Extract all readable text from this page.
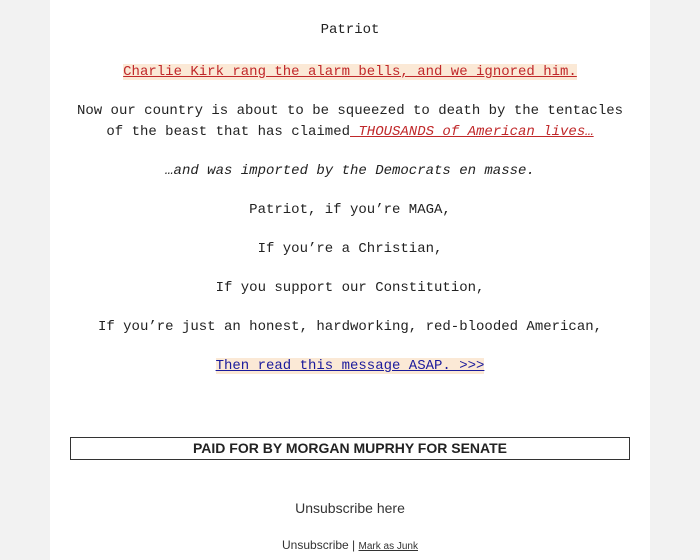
Patriot

Charlie Kirk rang the alarm bells, and we ignored him.

Now our country is about to be squeezed to death by the tentacles
of the beast that has claimed THOUSANDS of American lives…

…and was imported by the Democrats en masse.

Patriot, if you’re MAGA,

If you’re a Christian,

If you support our Constitution,

If you’re just an honest, hardworking, red-blooded American,

Then read this message ASAP. >>>

PAID FOR BY MORGAN MUPRHY FOR SENATE
Unsubscribe here
Unsubscribe | Mark as Junk
